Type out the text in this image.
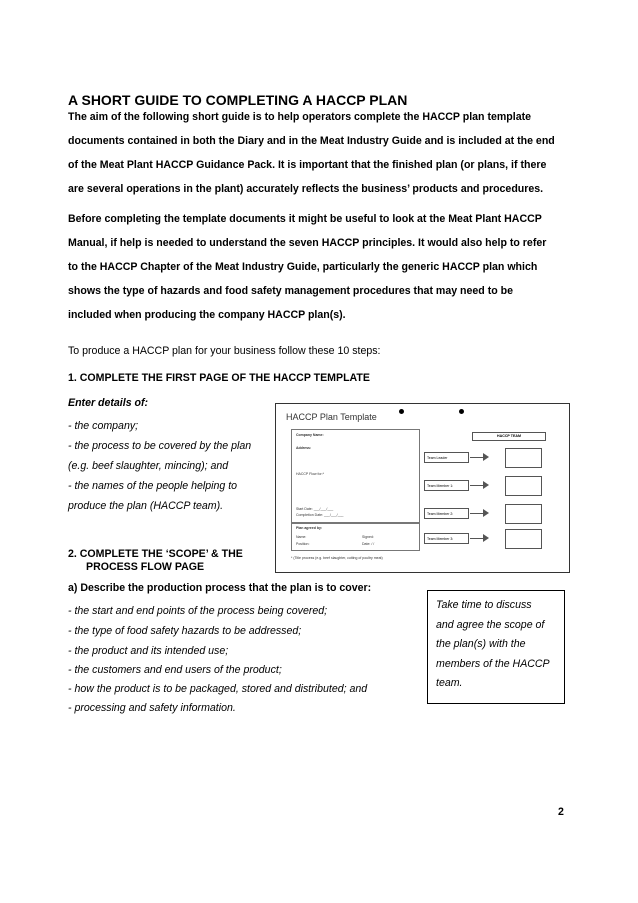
A SHORT GUIDE TO COMPLETING A HACCP PLAN
The aim of the following short guide is to help operators complete the HACCP plan template
documents contained in both the Diary and in the Meat Industry Guide and is included at the end
of the Meat Plant HACCP Guidance Pack. It is important that the finished plan (or plans, if there
are several operations in the plant) accurately reflects the business’ products and procedures.
Before completing the template documents it might be useful to look at the Meat Plant HACCP
Manual, if help is needed to understand the seven HACCP principles. It would also help to refer
to the HACCP Chapter of the Meat Industry Guide, particularly the generic HACCP plan which
shows the type of hazards and food safety management procedures that may need to be
included when producing the company HACCP plan(s).
To produce a HACCP plan for your business follow these 10 steps:
1. COMPLETE THE FIRST PAGE OF THE HACCP TEMPLATE
Enter details of:
- the company;
- the process to be covered by the plan
(e.g. beef slaughter, mincing); and
- the names of the people helping to
produce the plan (HACCP team).
HACCP Plan Template
Company Name:
Address:
HACCP Flow for:*
Start Date: ___/___/___
Completion Date: ___/___/___
Plan agreed by:
Name:	Signed:
Position:	Date: / /
* (Title process (e.g. beef slaughter, cutting of poultry meat)
HACCP TEAM
Team Leader
Team Member 1:
Team Member 2:
Team Member 3:
2. COMPLETE THE ‘SCOPE’ & THE
PROCESS FLOW PAGE
a) Describe the production process that the plan is to cover:
- the start and end points of the process being covered;
- the type of food safety hazards to be addressed;
- the product and its intended use;
- the customers and end users of the product;
- how the product is to be packaged, stored and distributed; and
- processing and safety information.
Take time to discuss
and agree the scope of
the plan(s) with the
members of the HACCP
team.
2
